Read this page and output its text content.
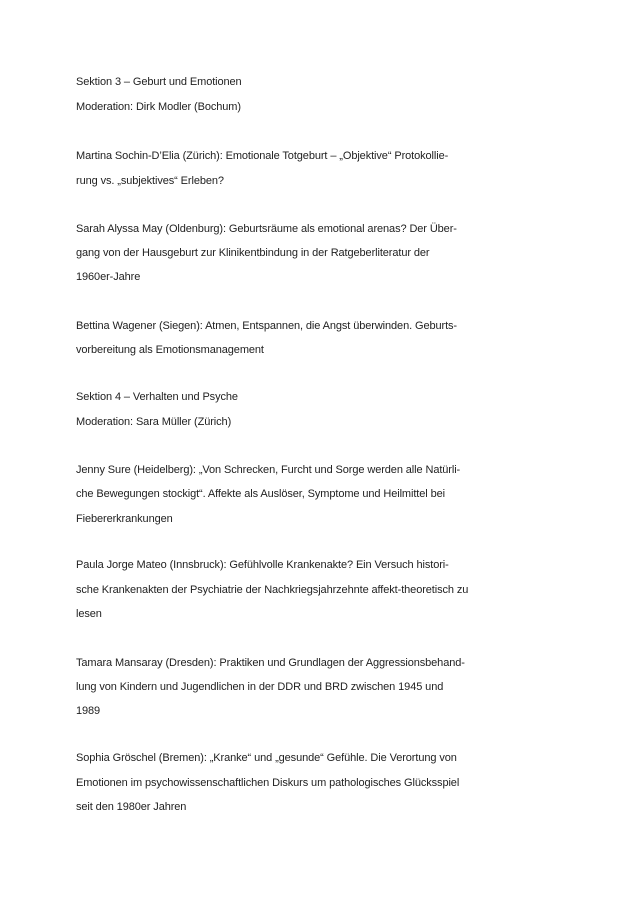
Sektion 3 – Geburt und Emotionen
Moderation: Dirk Modler (Bochum)
Martina Sochin-D’Elia (Zürich): Emotionale Totgeburt – „Objektive“ Protokollie-
rung vs. „subjektives“ Erleben?
Sarah Alyssa May (Oldenburg): Geburtsräume als emotional arenas? Der Über-
gang von der Hausgeburt zur Klinikentbindung in der Ratgeberliteratur der
1960er-Jahre
Bettina Wagener (Siegen): Atmen, Entspannen, die Angst überwinden. Geburts-
vorbereitung als Emotionsmanagement
Sektion 4 – Verhalten und Psyche
Moderation: Sara Müller (Zürich)
Jenny Sure (Heidelberg): „Von Schrecken, Furcht und Sorge werden alle Natürli-
che Bewegungen stockigt“. Affekte als Auslöser, Symptome und Heilmittel bei
Fiebererkrankungen
Paula Jorge Mateo (Innsbruck): Gefühlvolle Krankenakte? Ein Versuch histori-
sche Krankenakten der Psychiatrie der Nachkriegsjahrzehnte affekt-theoretisch zu
lesen
Tamara Mansaray (Dresden): Praktiken und Grundlagen der Aggressionsbehand-
lung von Kindern und Jugendlichen in der DDR und BRD zwischen 1945 und
1989
Sophia Gröschel (Bremen): „Kranke“ und „gesunde“ Gefühle. Die Verortung von
Emotionen im psychowissenschaftlichen Diskurs um pathologisches Glücksspiel
seit den 1980er Jahren
